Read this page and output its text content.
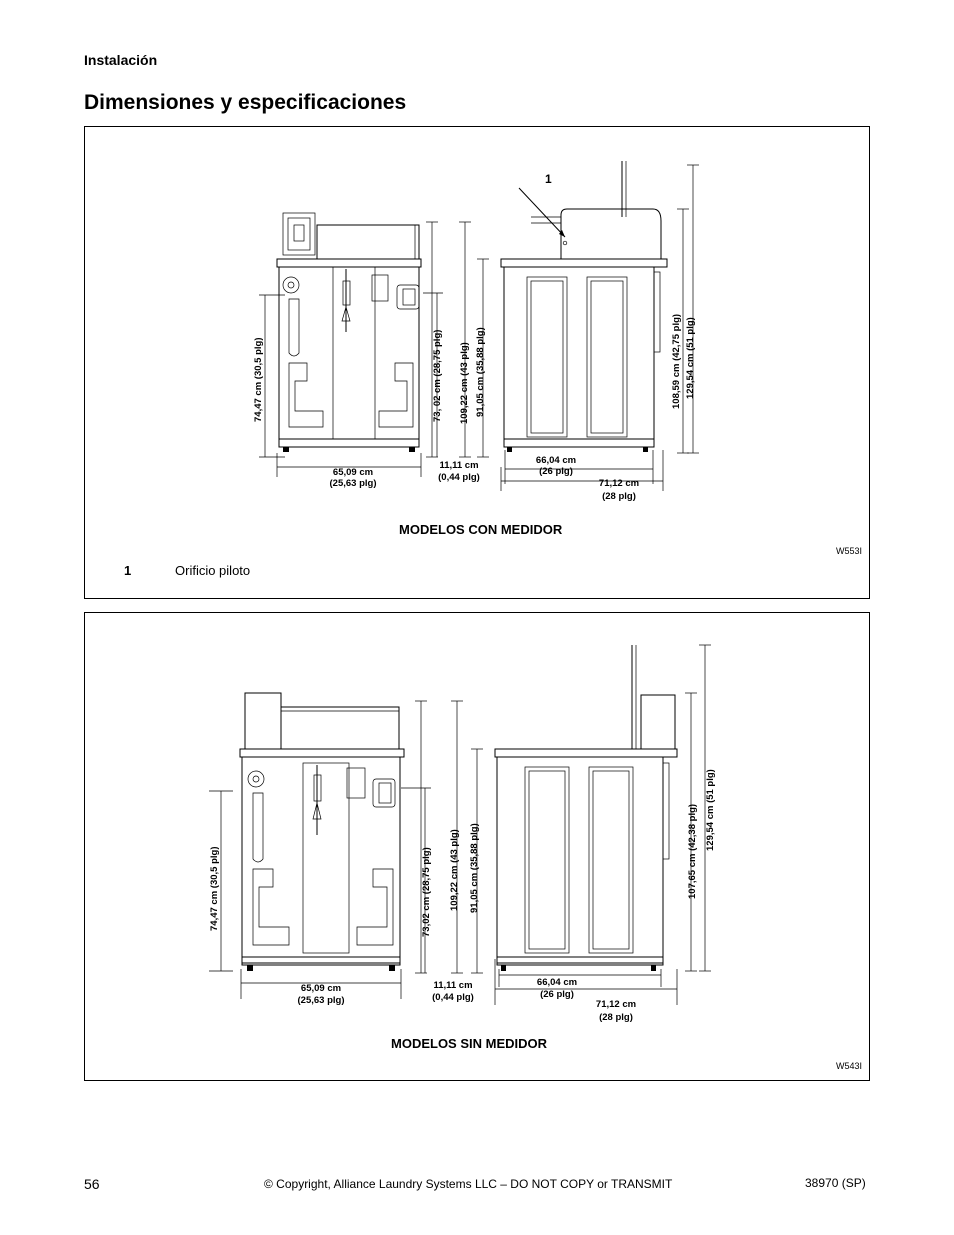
Instalación
Dimensiones y especificaciones
74,47 cm (30,5 plg)
65,09 cm
(25,63 plg)
73, 02 cm (28,75 plg) 109,22 cm (43 plg) 91,05 cm (35,88 plg)
11,11 cm
(0,44 plg)
66,04 cm
(26 plg)
71,12 cm
(28 plg)
108,59 cm (42,75 plg) 129,54 cm (51 plg)
1
MODELOS CON MEDIDOR
W553I
1	Orificio piloto
74,47 cm (30,5 plg)
65,09 cm
(25,63 plg)
73,02 cm (28,75 plg) 109,22 cm (43 plg) 91,05 cm (35,88 plg)
11,11 cm
(0,44 plg)
66,04 cm
(26 plg)
71,12 cm
(28 plg)
107,65 cm (42,38 plg) 129,54 cm (51 plg)
MODELOS SIN MEDIDOR
W543I
56	© Copyright, Alliance Laundry Systems LLC – DO NOT COPY or TRANSMIT	38970 (SP)
